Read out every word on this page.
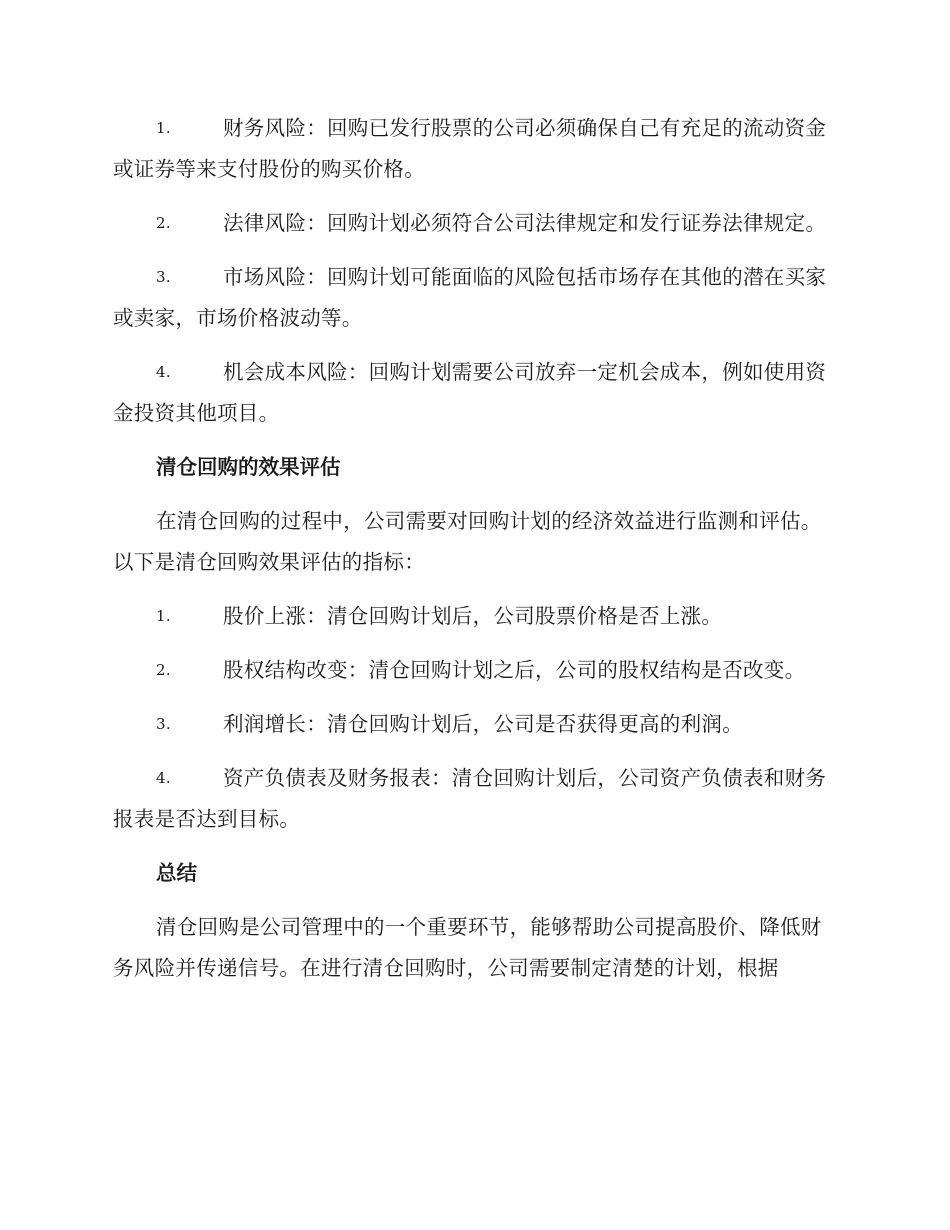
1.	财务风险：回购已发行股票的公司必须确保自己有充足的流动资金或证券等来支付股份的购买价格。

2.	法律风险：回购计划必须符合公司法律规定和发行证券法律规定。

3.	市场风险：回购计划可能面临的风险包括市场存在其他的潜在买家或卖家，市场价格波动等。

4.	机会成本风险：回购计划需要公司放弃一定机会成本，例如使用资金投资其他项目。

清仓回购的效果评估

在清仓回购的过程中，公司需要对回购计划的经济效益进行监测和评估。以下是清仓回购效果评估的指标：

1.	股价上涨：清仓回购计划后，公司股票价格是否上涨。

2.	股权结构改变：清仓回购计划之后，公司的股权结构是否改变。

3.	利润增长：清仓回购计划后，公司是否获得更高的利润。

4.	资产负债表及财务报表：清仓回购计划后，公司资产负债表和财务报表是否达到目标。

总结

清仓回购是公司管理中的一个重要环节，能够帮助公司提高股价、降低财务风险并传递信号。在进行清仓回购时，公司需要制定清楚的计划，根据
